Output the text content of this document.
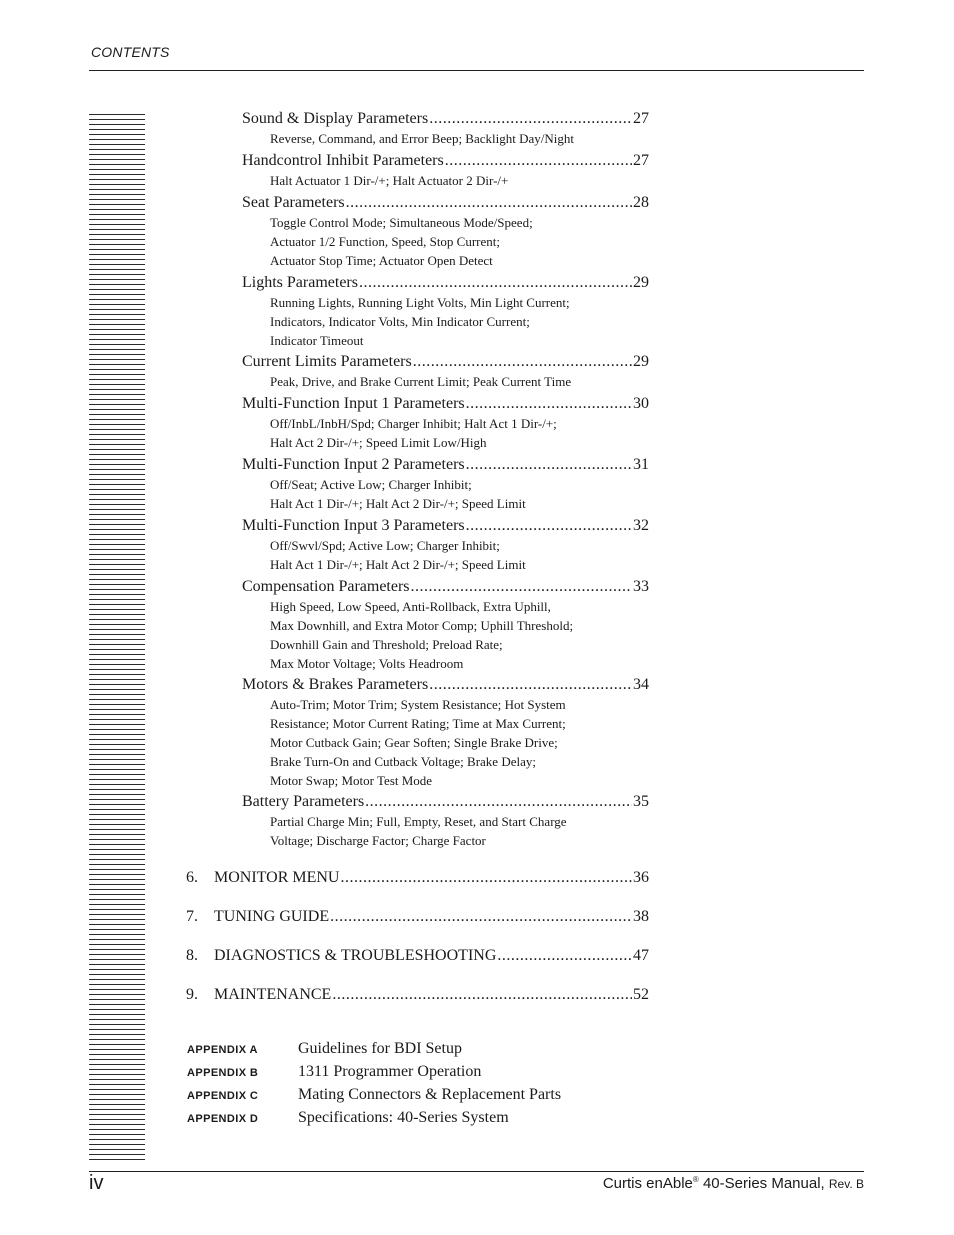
CONTENTS
Sound & Display Parameters .....	27
Reverse, Command, and Error Beep; Backlight Day/Night
Handcontrol Inhibit Parameters .....	27
Halt Actuator 1 Dir-/+; Halt Actuator 2 Dir-/+
Seat Parameters .....	28
Toggle Control Mode; Simultaneous Mode/Speed;
Actuator 1/2 Function, Speed, Stop Current;
Actuator Stop Time; Actuator Open Detect
Lights Parameters .....	29
Running Lights, Running Light Volts, Min Light Current;
Indicators, Indicator Volts, Min Indicator Current;
Indicator Timeout
Current Limits Parameters .....	29
Peak, Drive, and Brake Current Limit; Peak Current Time
Multi-Function Input 1 Parameters .....	30
Off/InbL/InbH/Spd; Charger Inhibit; Halt Act 1 Dir-/+;
Halt Act 2 Dir-/+; Speed Limit Low/High
Multi-Function Input 2 Parameters .....	31
Off/Seat; Active Low; Charger Inhibit;
Halt Act 1 Dir-/+; Halt Act 2 Dir-/+; Speed Limit
Multi-Function Input 3 Parameters .....	32
Off/Swvl/Spd; Active Low; Charger Inhibit;
Halt Act 1 Dir-/+; Halt Act 2 Dir-/+; Speed Limit
Compensation Parameters .....	33
High Speed, Low Speed, Anti-Rollback, Extra Uphill,
Max Downhill, and Extra Motor Comp; Uphill Threshold;
Downhill Gain and Threshold; Preload Rate;
Max Motor Voltage; Volts Headroom
Motors & Brakes Parameters .....	34
Auto-Trim; Motor Trim; System Resistance; Hot System
Resistance; Motor Current Rating; Time at Max Current;
Motor Cutback Gain; Gear Soften; Single Brake Drive;
Brake Turn-On and Cutback Voltage; Brake Delay;
Motor Swap; Motor Test Mode
Battery Parameters .....	35
Partial Charge Min; Full, Empty, Reset, and Start Charge
Voltage; Discharge Factor; Charge Factor
6.	MONITOR MENU .....	36
7.	TUNING GUIDE .....	38
8.	DIAGNOSTICS & TROUBLESHOOTING .....	47
9.	MAINTENANCE .....	52
APPENDIX A	Guidelines for BDI Setup
APPENDIX B	1311 Programmer Operation
APPENDIX C	Mating Connectors & Replacement Parts
APPENDIX D	Specifications: 40-Series System
iv	Curtis enAble® 40-Series Manual, Rev. B
